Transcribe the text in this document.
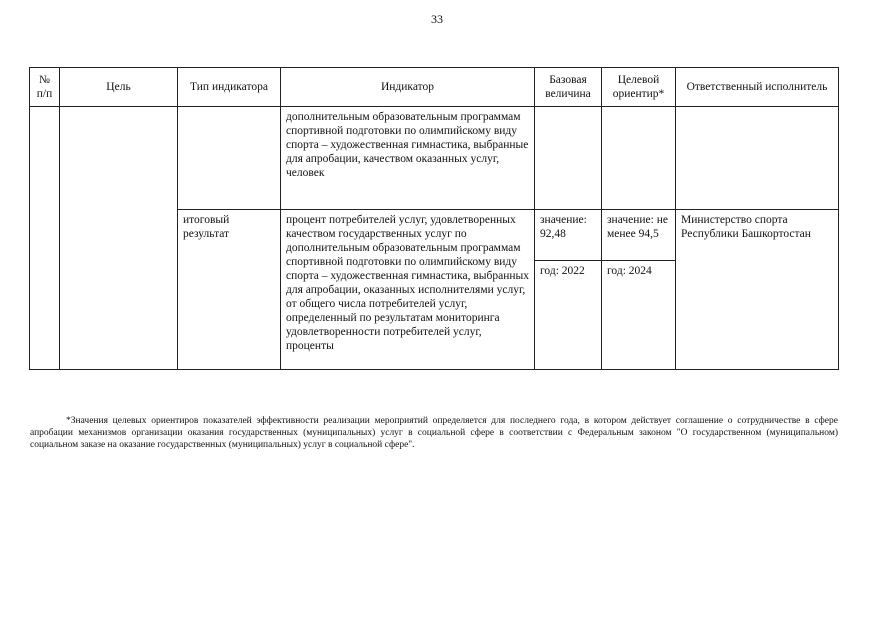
33
№ п/п	Цель	Тип индикатора	Индикатор	Базовая величина	Целевой ориентир*	Ответственный исполнитель
			дополнительным образовательным программам спортивной подготовки по олимпийскому виду спорта – художественная гимнастика, выбранные для апробации, качеством оказанных услуг, человек			
		итоговый результат	процент потребителей услуг, удовлетворенных качеством государственных услуг по дополнительным образовательным программам спортивной подготовки по олимпийскому виду спорта – художественная гимнастика, выбранных для апробации, оказанных исполнителями услуг, от общего числа потребителей услуг, определенный по результатам мониторинга удовлетворенности потребителей услуг, проценты	значение: 92,48	значение: не менее 94,5	Министерство спорта Республики Башкортостан
				год: 2022	год: 2024	
*Значения целевых ориентиров показателей эффективности реализации мероприятий определяется для последнего года, в котором действует соглашение о сотрудничестве в сфере апробации механизмов организации оказания государственных (муниципальных) услуг в социальной сфере в соответствии с Федеральным законом "О государственном (муниципальном) социальном заказе на оказание государственных (муниципальных) услуг в социальной сфере".
